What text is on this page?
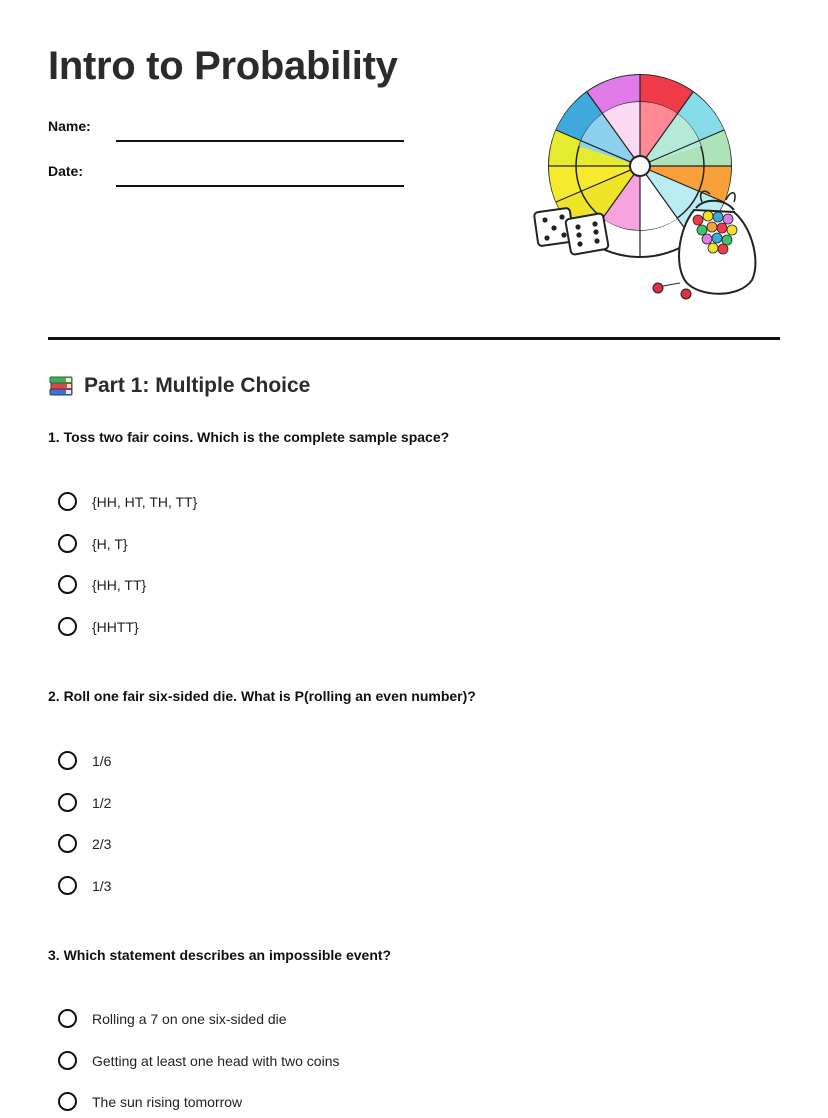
Intro to Probability
Name:
Date:
Part 1: Multiple Choice

1. Toss two fair coins. Which is the complete sample space?

{HH, HT, TH, TT}
{H, T}
{HH, TT}
{HHTT}

2. Roll one fair six-sided die. What is P(rolling an even number)?

1/6
1/2
2/3
1/3

3. Which statement describes an impossible event?

Rolling a 7 on one six-sided die
Getting at least one head with two coins
The sun rising tomorrow
